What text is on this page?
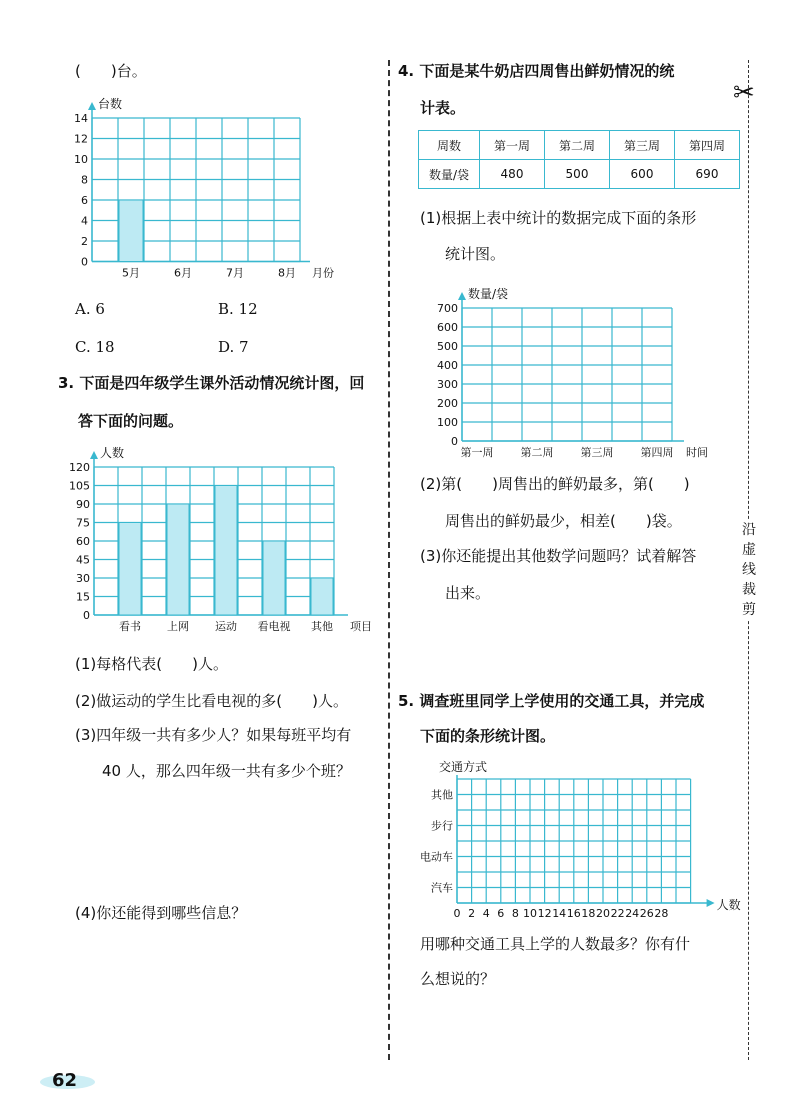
沿虚线裁剪
✂
(　　)台。
0
2
4
6
8
10
12
14
5月	6月	7月	8月
台数
月份
A. 6	B. 12
C. 18	D. 7
3. 下面是四年级学生课外活动情况统计图，回
答下面的问题。
0
15
30
45
60
75
90
105
120
看书 上网 运动 看电视 其他
人数
项目
(1)每格代表(　　)人。
(2)做运动的学生比看电视的多(　　)人。
(3)四年级一共有多少人？如果每班平均有
40 人，那么四年级一共有多少个班？
(4)你还能得到哪些信息？
62
4. 下面是某牛奶店四周售出鲜奶情况的统
计表。
周数	第一周	第二周	第三周	第四周
数量/袋	480	500	600	690
(1)根据上表中统计的数据完成下面的条形
统计图。
0
100
200
300
400
500
600
700
第一周 第二周 第三周 第四周
数量/袋
时间
(2)第(　　)周售出的鲜奶最多，第(　　)
周售出的鲜奶最少，相差(　　)袋。
(3)你还能提出其他数学问题吗？试着解答
出来。
5. 调查班里同学上学使用的交通工具，并完成
下面的条形统计图。
0 2 4 6 8 10 12 14 16 18 20 22 24 26 28
其他
步行
电动车
汽车
交通方式
人数
用哪种交通工具上学的人数最多？你有什
么想说的？
